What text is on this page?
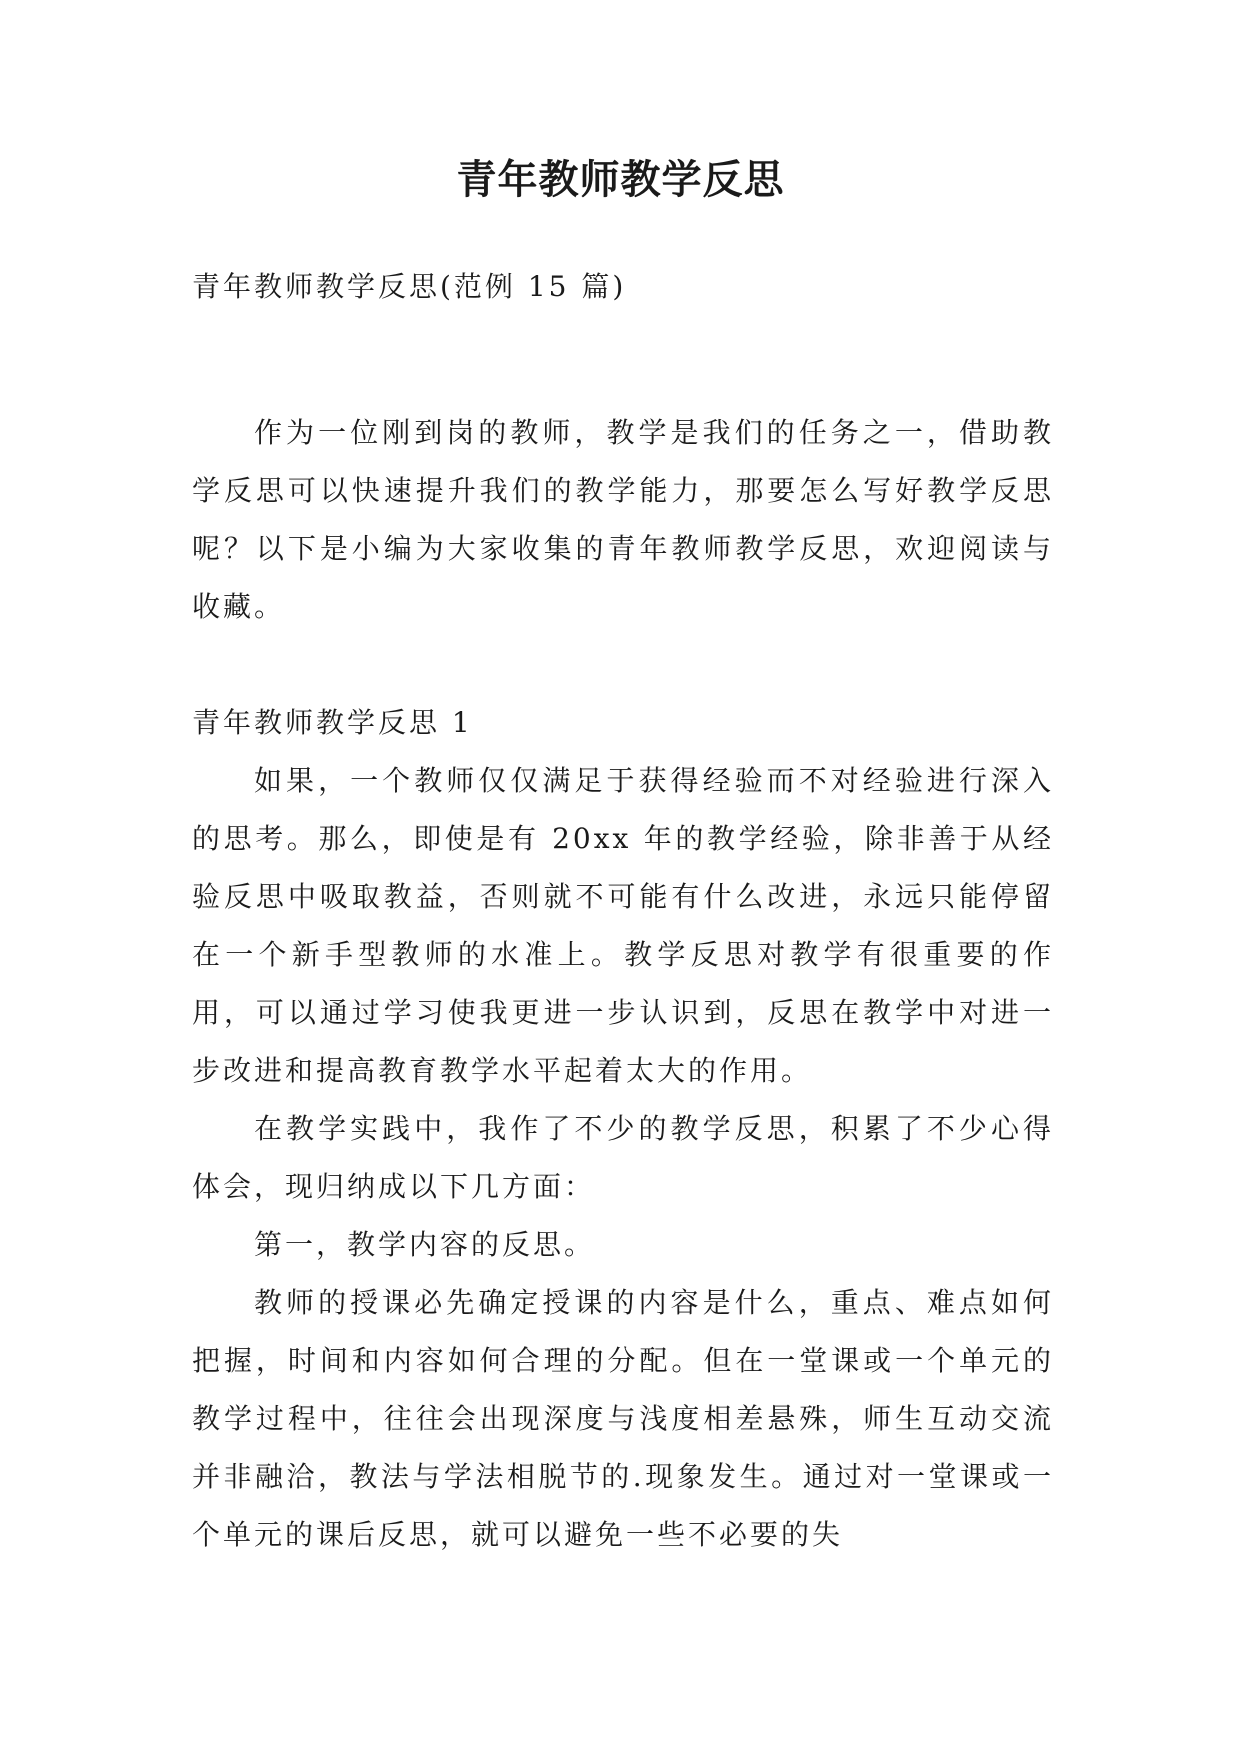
青年教师教学反思

青年教师教学反思(范例 15 篇)

作为一位刚到岗的教师，教学是我们的任务之一，借助教学反思可以快速提升我们的教学能力，那要怎么写好教学反思呢？以下是小编为大家收集的青年教师教学反思，欢迎阅读与收藏。

青年教师教学反思 1

如果，一个教师仅仅满足于获得经验而不对经验进行深入的思考。那么，即使是有 20xx 年的教学经验，除非善于从经验反思中吸取教益，否则就不可能有什么改进，永远只能停留在一个新手型教师的水准上。教学反思对教学有很重要的作用，可以通过学习使我更进一步认识到，反思在教学中对进一步改进和提高教育教学水平起着太大的作用。

在教学实践中，我作了不少的教学反思，积累了不少心得体会，现归纳成以下几方面：

第一，教学内容的反思。

教师的授课必先确定授课的内容是什么，重点、难点如何把握，时间和内容如何合理的分配。但在一堂课或一个单元的教学过程中，往往会出现深度与浅度相差悬殊，师生互动交流并非融洽，教法与学法相脱节的.现象发生。通过对一堂课或一个单元的课后反思，就可以避免一些不必要的失
